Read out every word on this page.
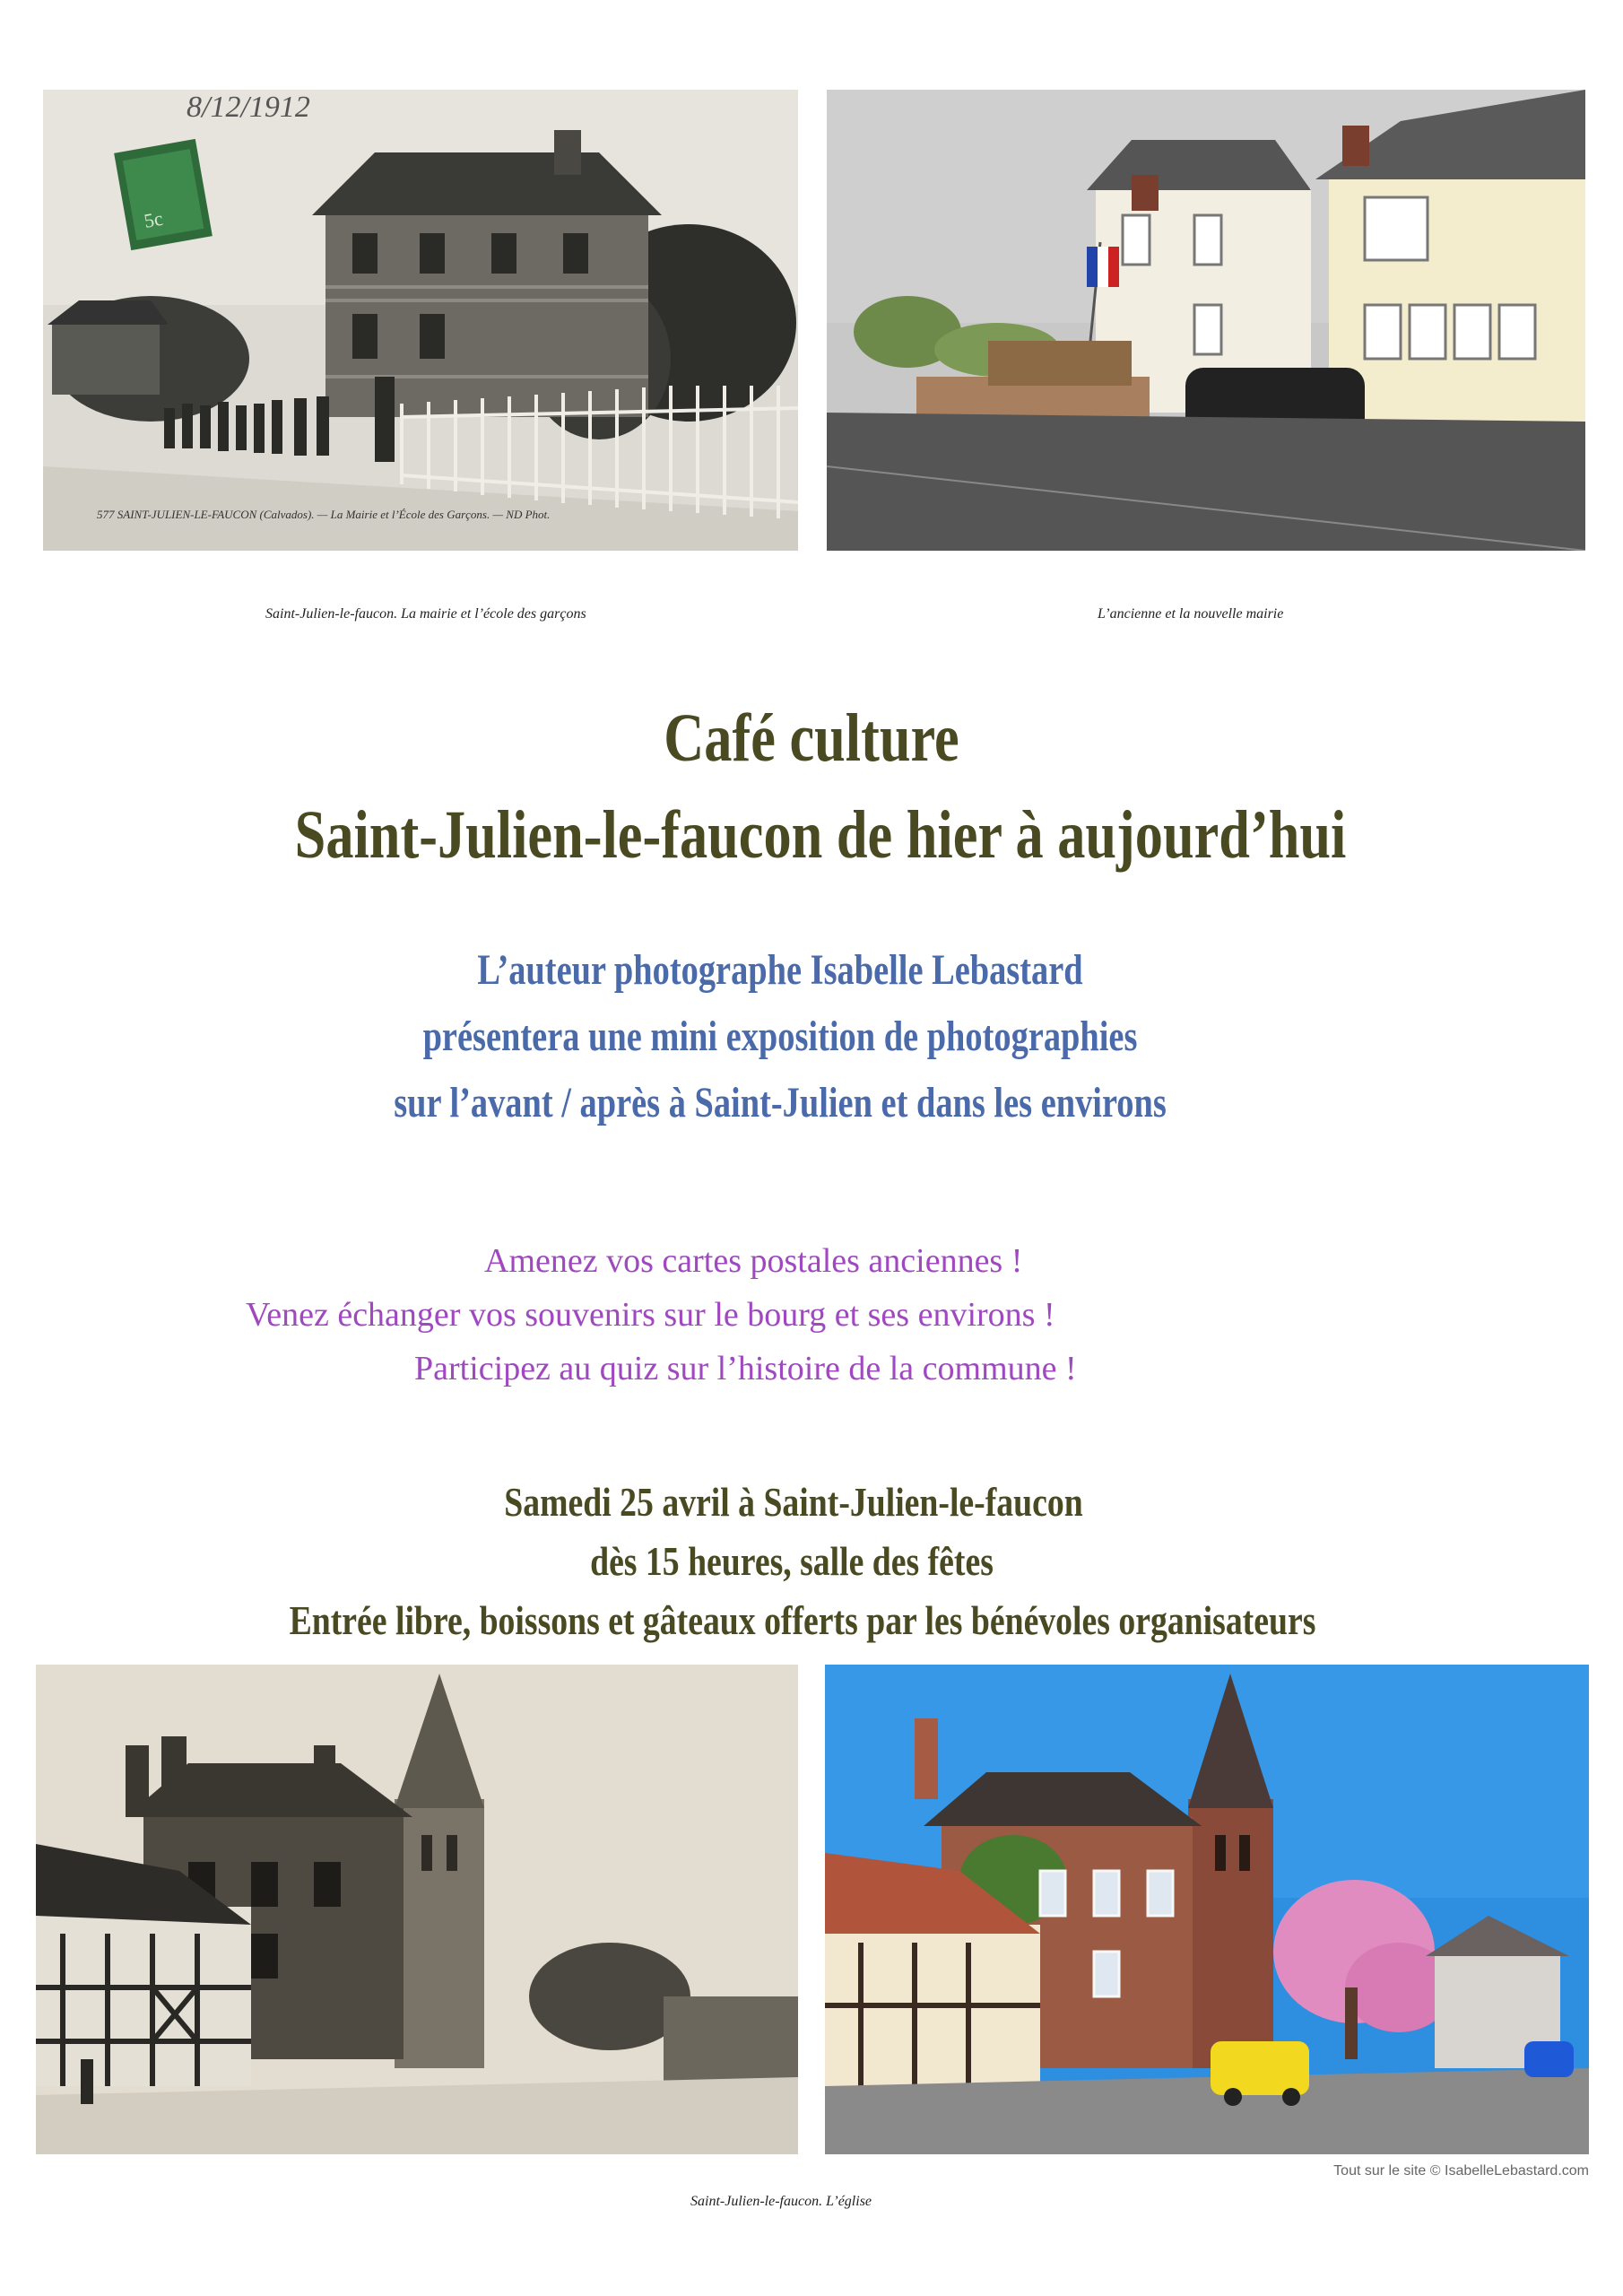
5c
8/12/1912
577 SAINT-JULIEN-LE-FAUCON (Calvados). — La Mairie et l’École des Garçons. — ND Phot.
Saint-Julien-le-faucon. La mairie et l’école des garçons	L’ancienne et la nouvelle mairie
Café culture
Saint-Julien-le-faucon de hier à aujourd’hui
L’auteur photographe Isabelle Lebastard
présentera une mini exposition de photographies
sur l’avant / après à Saint-Julien et dans les environs
Amenez vos cartes postales anciennes !
Venez échanger vos souvenirs sur le bourg et ses environs !
Participez au quiz sur l’histoire de la commune !
Samedi 25 avril à Saint-Julien-le-faucon
dès 15 heures, salle des fêtes
Entrée libre, boissons et gâteaux offerts par les bénévoles organisateurs
Tout sur le site © IsabelleLebastard.com
Saint-Julien-le-faucon. L’église
